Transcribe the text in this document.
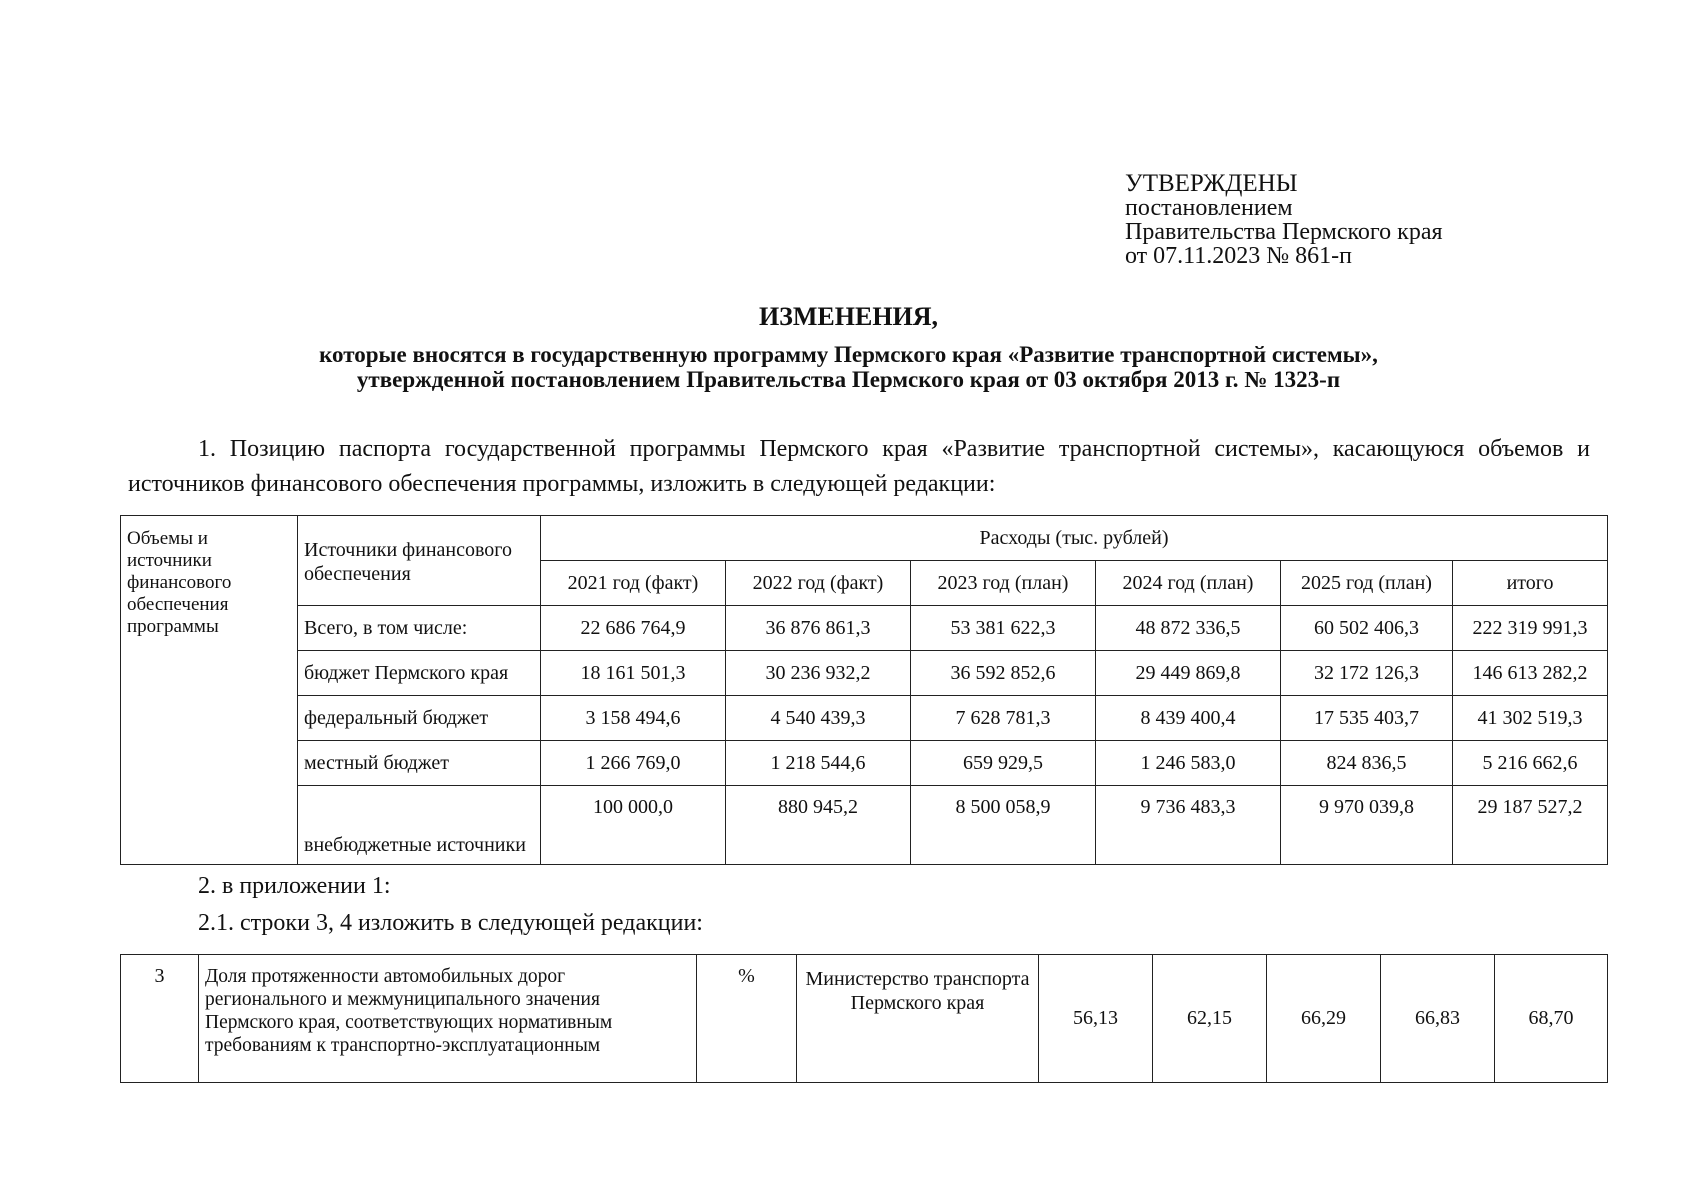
УТВЕРЖДЕНЫ
постановлением
Правительства Пермского края
от 07.11.2023 № 861-п
ИЗМЕНЕНИЯ,
которые вносятся в государственную программу Пермского края «Развитие транспортной системы»,
утвержденной постановлением Правительства Пермского края от 03 октября 2013 г. № 1323-п
1. Позицию паспорта государственной программы Пермского края «Развитие транспортной системы», касающуюся объемов и источников финансового обеспечения программы, изложить в следующей редакции:
Объемы и источники финансового обеспечения программы	Источники финансового обеспечения	Расходы (тыс. рублей)					
		2021 год (факт)	2022 год (факт)	2023 год (план)	2024 год (план)	2025 год (план)	итого
	Всего, в том числе:	22 686 764,9	36 876 861,3	53 381 622,3	48 872 336,5	60 502 406,3	222 319 991,3
	бюджет Пермского края	18 161 501,3	30 236 932,2	36 592 852,6	29 449 869,8	32 172 126,3	146 613 282,2
	федеральный бюджет	3 158 494,6	4 540 439,3	7 628 781,3	8 439 400,4	17 535 403,7	41 302 519,3
	местный бюджет	1 266 769,0	1 218 544,6	659 929,5	1 246 583,0	824 836,5	5 216 662,6
	внебюджетные источники	100 000,0	880 945,2	8 500 058,9	9 736 483,3	9 970 039,8	29 187 527,2
2. в приложении 1:
2.1. строки 3, 4 изложить в следующей редакции:
3	Доля протяженности автомобильных дорог регионального и межмуниципального значения Пермского края, соответствующих нормативным требованиям к транспортно-эксплуатационным	%	Министерство транспорта Пермского края	56,13	62,15	66,29	66,83	68,70
